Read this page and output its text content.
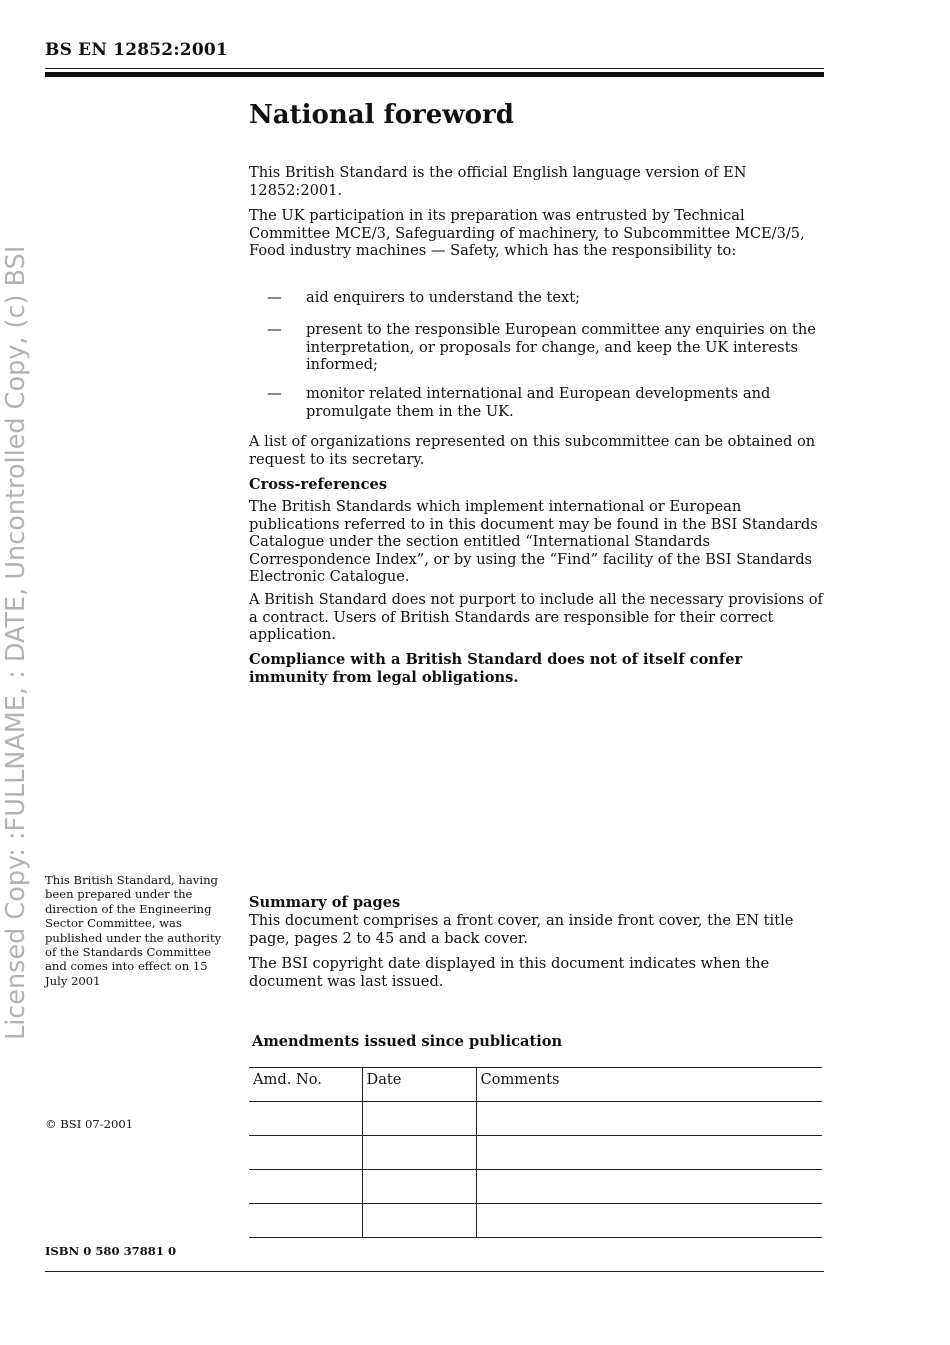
BS EN 12852:2001
Licensed Copy: :FULLNAME, : DATE, Uncontrolled Copy, (c) BSI
National foreword
This British Standard is the official English language version of EN 12852:2001.
The UK participation in its preparation was entrusted by Technical Committee MCE/3, Safeguarding of machinery, to Subcommittee MCE/3/5, Food industry machines — Safety, which has the responsibility to:
—	aid enquirers to understand the text;
—	present to the responsible European committee any enquiries on the interpretation, or proposals for change, and keep the UK interests informed;
—	monitor related international and European developments and promulgate them in the UK.
A list of organizations represented on this subcommittee can be obtained on request to its secretary.
Cross-references
The British Standards which implement international or European publications referred to in this document may be found in the BSI Standards Catalogue under the section entitled “International Standards Correspondence Index”, or by using the “Find” facility of the BSI Standards Electronic Catalogue.
A British Standard does not purport to include all the necessary provisions of a contract. Users of British Standards are responsible for their correct application.
Compliance with a British Standard does not of itself confer immunity from legal obligations.
This British Standard, having been prepared under the direction of the Engineering Sector Committee, was published under the authority of the Standards Committee and comes into effect on 15 July 2001
Summary of pages
This document comprises a front cover, an inside front cover, the EN title page, pages 2 to 45 and a back cover.
The BSI copyright date displayed in this document indicates when the document was last issued.
Amendments issued since publication
Amd. No.	Date	Comments

© BSI 07-2001
ISBN 0 580 37881 0
